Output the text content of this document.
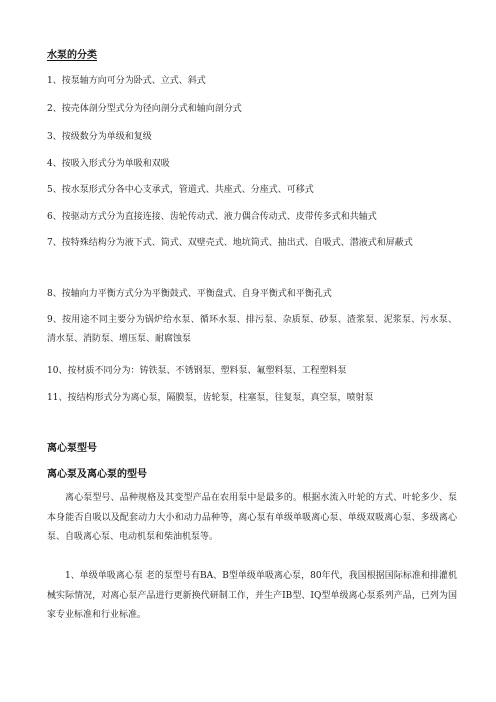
水泵的分类
1、按泵轴方向可分为卧式、立式、斜式
2、按壳体剖分型式分为径向剖分式和轴向剖分式
3、按级数分为单级和复级
4、按吸入形式分为单吸和双吸
5、按水泵形式分各中心支承式，管道式、共座式、分座式、可移式
6、按驱动方式分为直接连接、齿轮传动式、液力偶合传动式、皮带传多式和共轴式
7、按特殊结构分为液下式、筒式、双壁壳式、地坑筒式、抽出式、自吸式、潜液式和屏蔽式
8、按轴向力平衡方式分为平衡鼓式、平衡盘式、自身平衡式和平衡孔式
9、按用途不同主要分为锅炉给水泵、循环水泵、排污泵、杂质泵、砂泵、渣浆泵、泥浆泵、污水泵、清水泵、消防泵、增压泵、耐腐蚀泵
10、按材质不同分为：铸铁泵、不锈钢泵、塑料泵、氟塑料泵、工程塑料泵
11、按结构形式分为离心泵，隔膜泵，齿轮泵，柱塞泵，往复泵，真空泵，喷射泵
离心泵型号
离心泵及离心泵的型号
离心泵型号、品种规格及其变型产品在农用泵中是最多的。根据水流入叶轮的方式、叶轮多少、泵本身能否自吸以及配套动力大小和动力品种等，离心泵有单级单吸离心泵、单级双吸离心泵、多级离心泵、自吸离心泵、电动机泵和柴油机泵等。
1、单级单吸离心泵 老的泵型号有BA、B型单级单吸离心泵，80年代，我国根据国际标准和排灌机械实际情况，对离心泵产品进行更新换代研制工作，并生产IB型、IQ型单级离心泵系列产品，已列为国家专业标准和行业标准。
